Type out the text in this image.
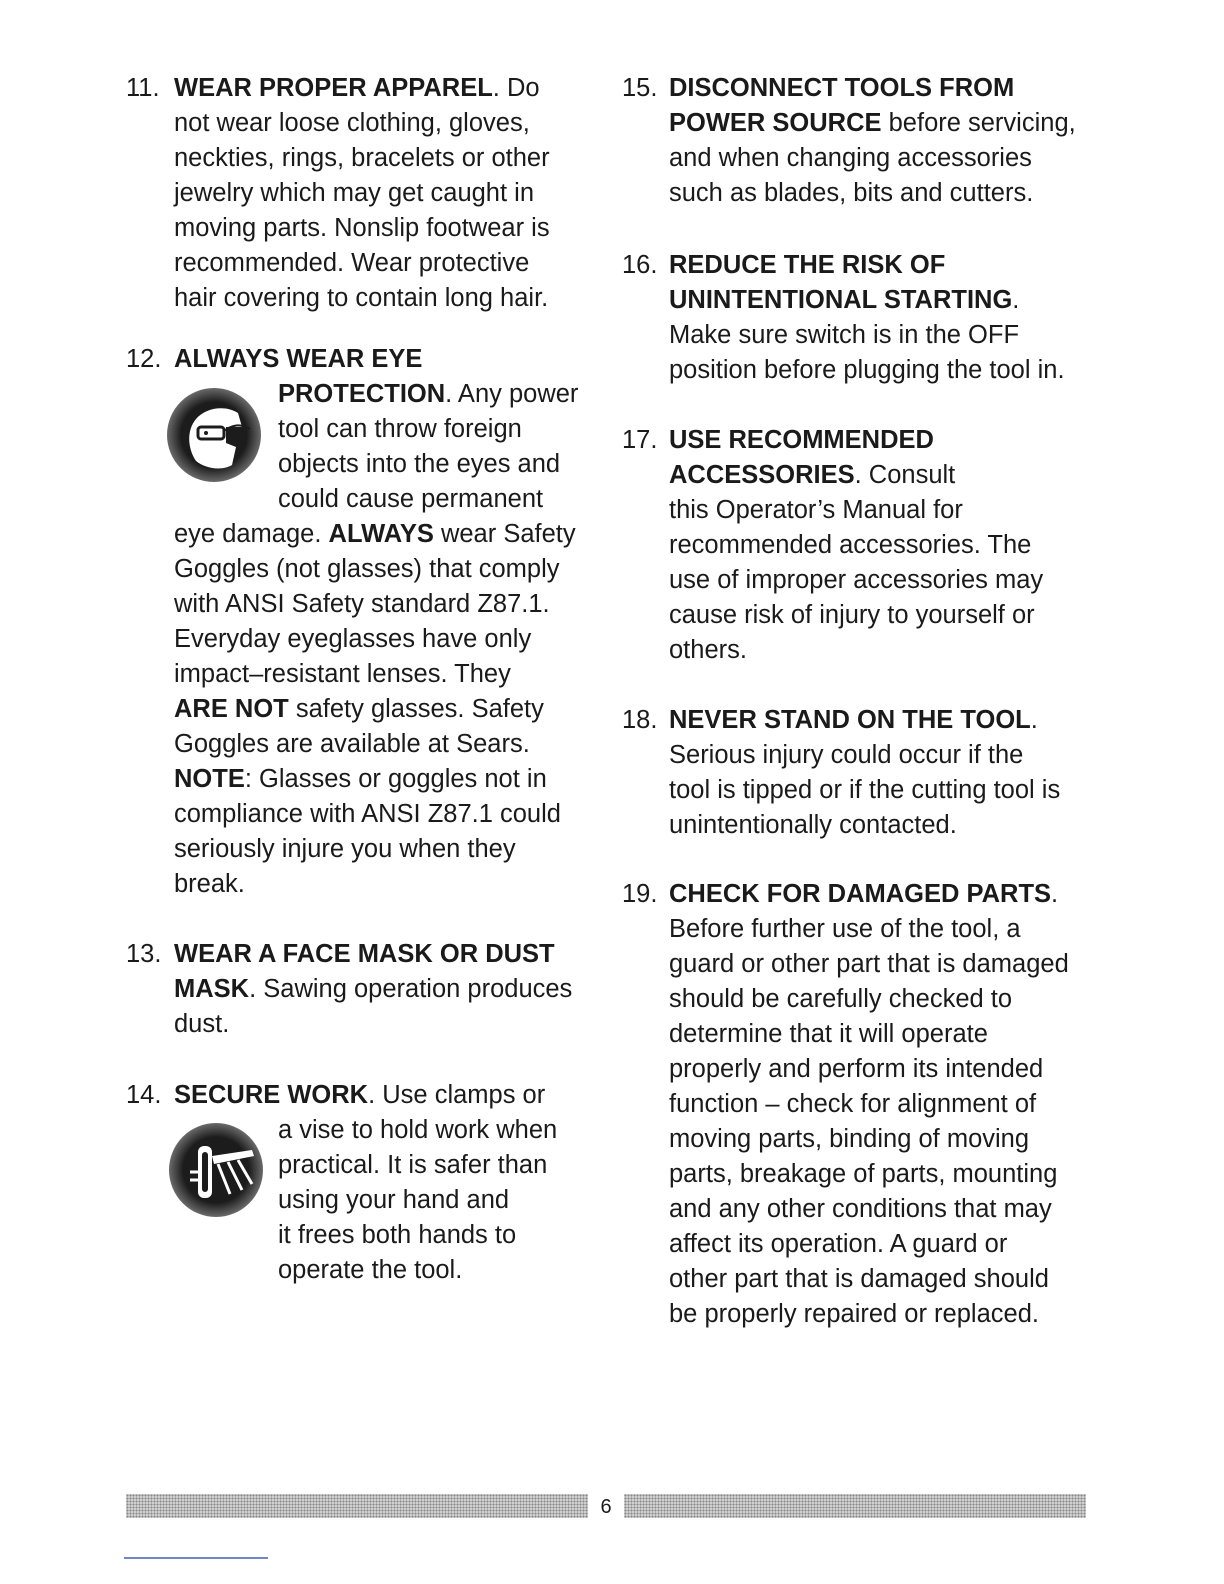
11. WEAR PROPER APPAREL. Do
not wear loose clothing, gloves,
neckties, rings, bracelets or other
jewelry which may get caught in
moving parts. Nonslip footwear is
recommended. Wear protective
hair covering to contain long hair.
12. ALWAYS WEAR EYE
PROTECTION. Any power
tool can throw foreign
objects into the eyes and
could cause permanent
eye damage. ALWAYS wear Safety
Goggles (not glasses) that comply
with ANSI Safety standard Z87.1.
Everyday eyeglasses have only
impact–resistant lenses. They
ARE NOT safety glasses. Safety
Goggles are available at Sears.
NOTE: Glasses or goggles not in
compliance with ANSI Z87.1 could
seriously injure you when they
break.
13. WEAR A FACE MASK OR DUST
MASK. Sawing operation produces
dust.
14. SECURE WORK. Use clamps or
a vise to hold work when
practical. It is safer than
using your hand and
it frees both hands to
operate the tool.
15. DISCONNECT TOOLS FROM
POWER SOURCE before servicing,
and when changing accessories
such as blades, bits and cutters.
16. REDUCE THE RISK OF
UNINTENTIONAL STARTING.
Make sure switch is in the OFF
position before plugging the tool in.
17. USE RECOMMENDED
ACCESSORIES. Consult
this Operator’s Manual for
recommended accessories. The
use of improper accessories may
cause risk of injury to yourself or
others.
18. NEVER STAND ON THE TOOL.
Serious injury could occur if the
tool is tipped or if the cutting tool is
unintentionally contacted.
19. CHECK FOR DAMAGED PARTS.
Before further use of the tool, a
guard or other part that is damaged
should be carefully checked to
determine that it will operate
properly and perform its intended
function – check for alignment of
moving parts, binding of moving
parts, breakage of parts, mounting
and any other conditions that may
affect its operation. A guard or
other part that is damaged should
be properly repaired or replaced.
6
